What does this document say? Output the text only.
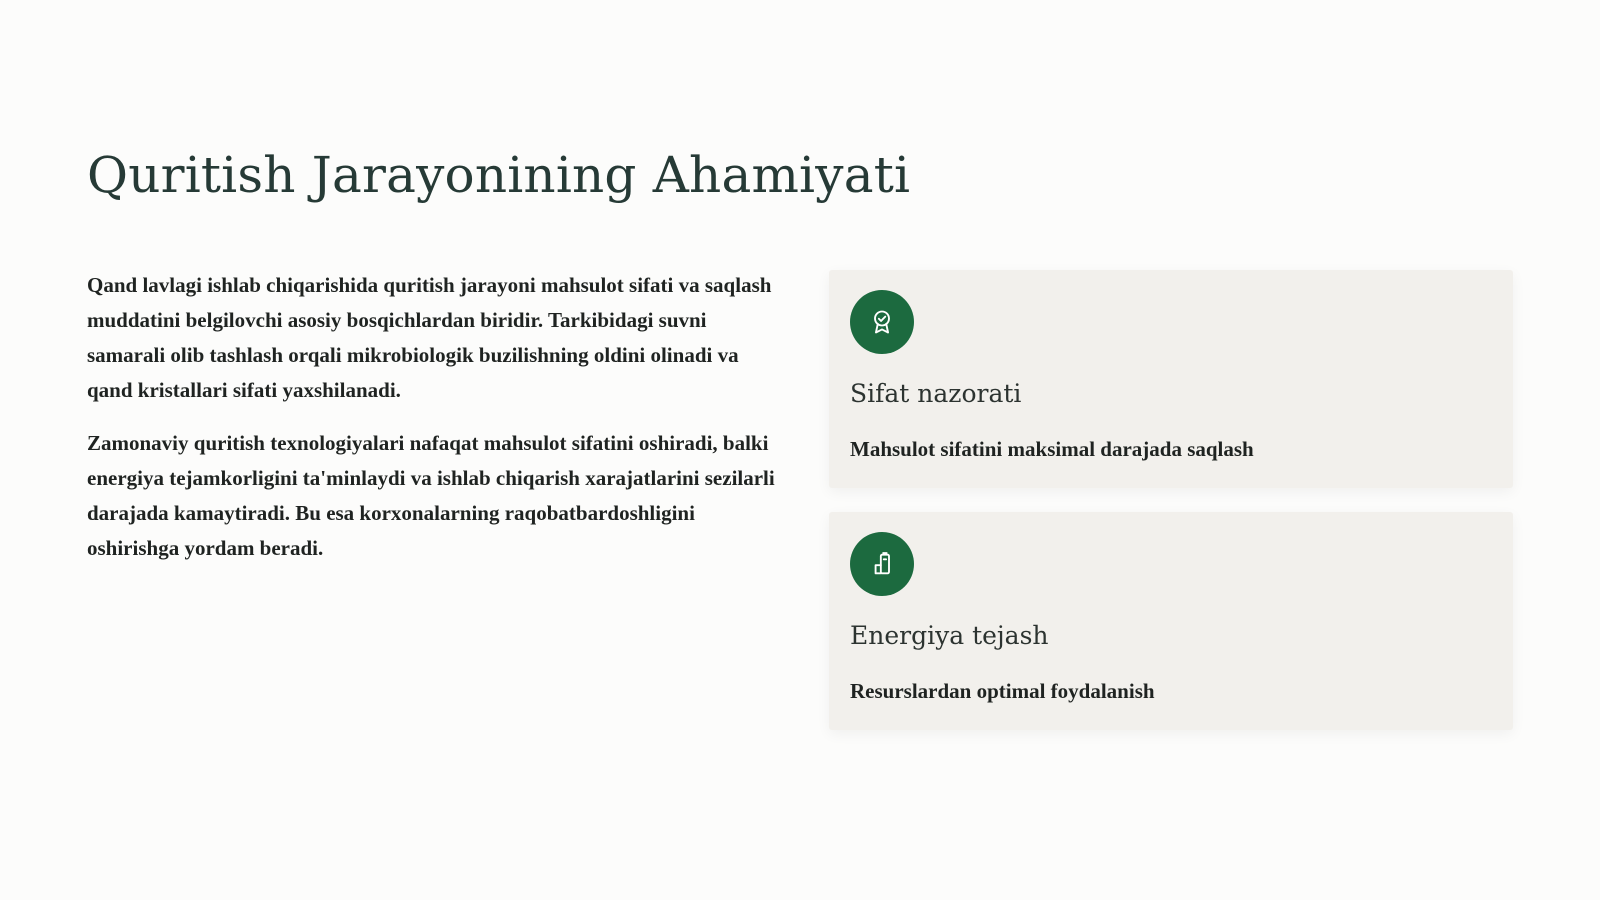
Quritish Jarayonining Ahamiyati

Qand lavlagi ishlab chiqarishida quritish jarayoni mahsulot sifati va saqlash muddatini belgilovchi asosiy bosqichlardan biridir. Tarkibidagi suvni samarali olib tashlash orqali mikrobiologik buzilishning oldini olinadi va qand kristallari sifati yaxshilanadi.

Zamonaviy quritish texnologiyalari nafaqat mahsulot sifatini oshiradi, balki energiya tejamkorligini ta'minlaydi va ishlab chiqarish xarajatlarini sezilarli darajada kamaytiradi. Bu esa korxonalarning raqobatbardoshligini oshirishga yordam beradi.

Sifat nazorati
Mahsulot sifatini maksimal darajada saqlash
Energiya tejash
Resurslardan optimal foydalanish
